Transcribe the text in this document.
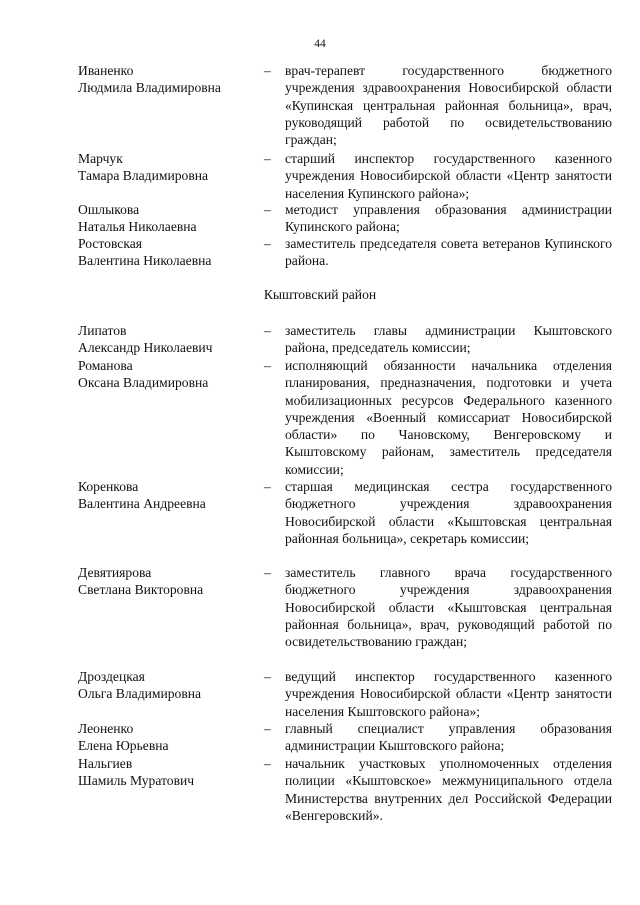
44
Иваненко
Людмила Владимировна
– врач-терапевт государственного бюджетного учреждения здравоохранения Новосибирской области «Купинская центральная районная больница», врач, руководящий работой по освидетельствованию граждан;
Марчук
Тамара Владимировна
– старший инспектор государственного казенного учреждения Новосибирской области «Центр занятости населения Купинского района»;
Ошлыкова
Наталья Николаевна
– методист управления образования администрации Купинского района;
Ростовская
Валентина Николаевна
– заместитель председателя совета ветеранов Купинского района.
Кыштовский район
Липатов
Александр Николаевич
– заместитель главы администрации Кыштовского района, председатель комиссии;
Романова
Оксана Владимировна
– исполняющий обязанности начальника отделения планирования, предназначения, подготовки и учета мобилизационных ресурсов Федерального казенного учреждения «Военный комиссариат Новосибирской области» по Чановскому, Венгеровскому и Кыштовскому районам, заместитель председателя комиссии;
Коренкова
Валентина Андреевна
– старшая медицинская сестра государственного бюджетного учреждения здравоохранения Новосибирской области «Кыштовская центральная районная больница», секретарь комиссии;
Девятиярова
Светлана Викторовна
– заместитель главного врача государственного бюджетного учреждения здравоохранения Новосибирской области «Кыштовская центральная районная больница», врач, руководящий работой по освидетельствованию граждан;
Дроздецкая
Ольга Владимировна
– ведущий инспектор государственного казенного учреждения Новосибирской области «Центр занятости населения Кыштовского района»;
Леоненко
Елена Юрьевна
– главный специалист управления образования администрации Кыштовского района;
Нальгиев
Шамиль Муратович
– начальник участковых уполномоченных отделения полиции «Кыштовское» межмуниципального отдела Министерства внутренних дел Российской Федерации «Венгеровский».
